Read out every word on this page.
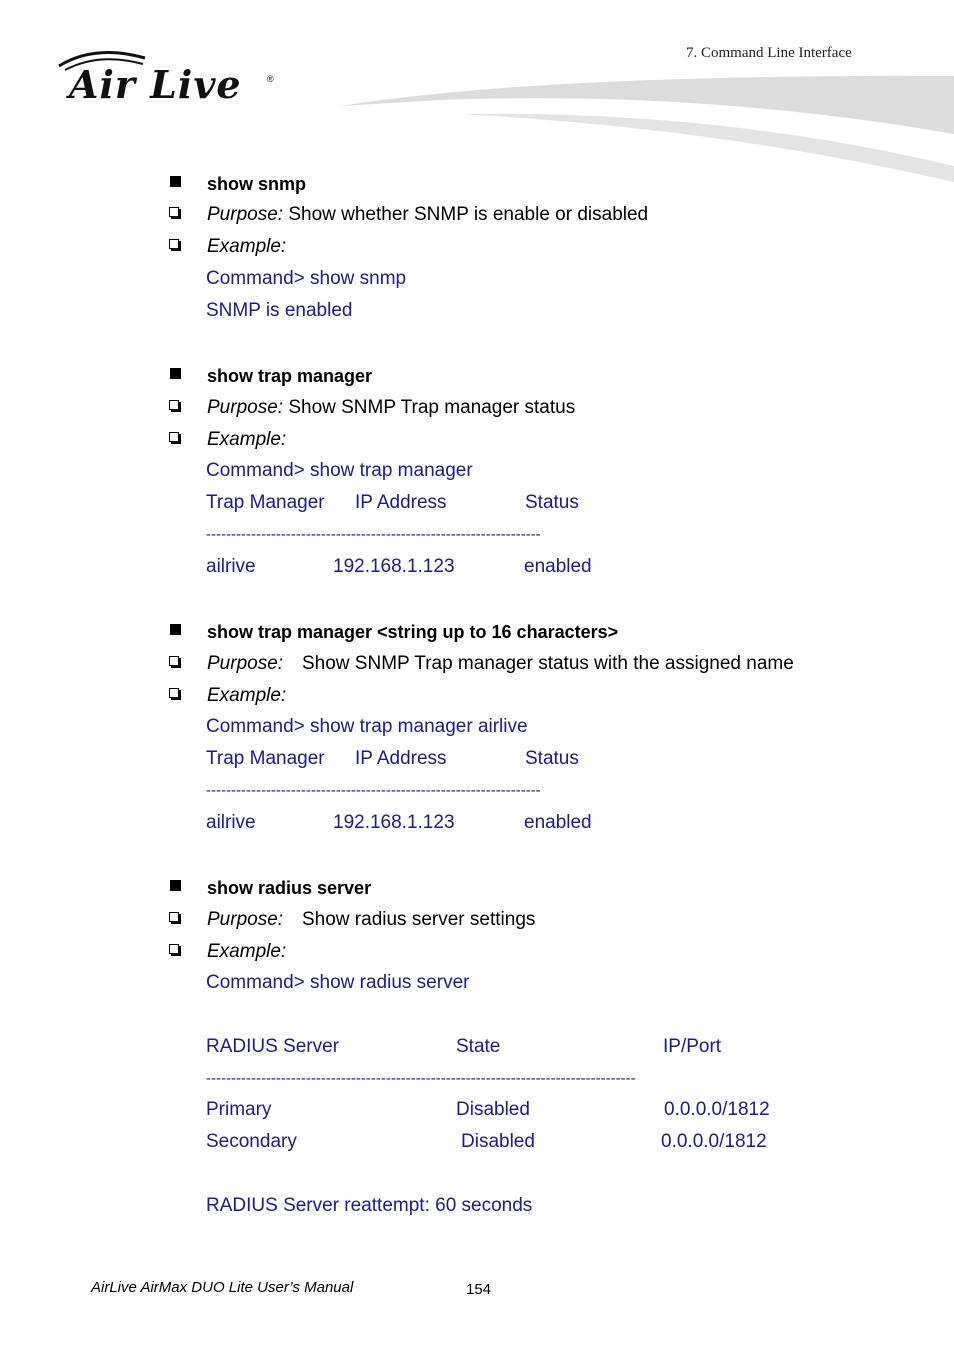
7. Command Line Interface
Air Live	®
show snmp
Purpose: Show whether SNMP is enable or disabled
Example:
Command> show snmp
SNMP is enabled
show trap manager
Purpose: Show SNMP Trap manager status
Example:
Command> show trap manager
Trap Manager IP Address	Status
-------------------------------------------------------------------
ailrive	192.168.1.123	enabled
show trap manager <string up to 16 characters>
Purpose: Show SNMP Trap manager status with the assigned name
Example:
Command> show trap manager airlive
Trap Manager IP Address	Status
-------------------------------------------------------------------
ailrive	192.168.1.123	enabled
show radius server
Purpose: Show radius server settings
Example:
Command> show radius server
RADIUS Server	State	IP/Port
--------------------------------------------------------------------------------------
Primary	Disabled	0.0.0.0/1812
Secondary	Disabled	0.0.0.0/1812
RADIUS Server reattempt: 60 seconds
AirLive AirMax DUO Lite User’s Manual	154
